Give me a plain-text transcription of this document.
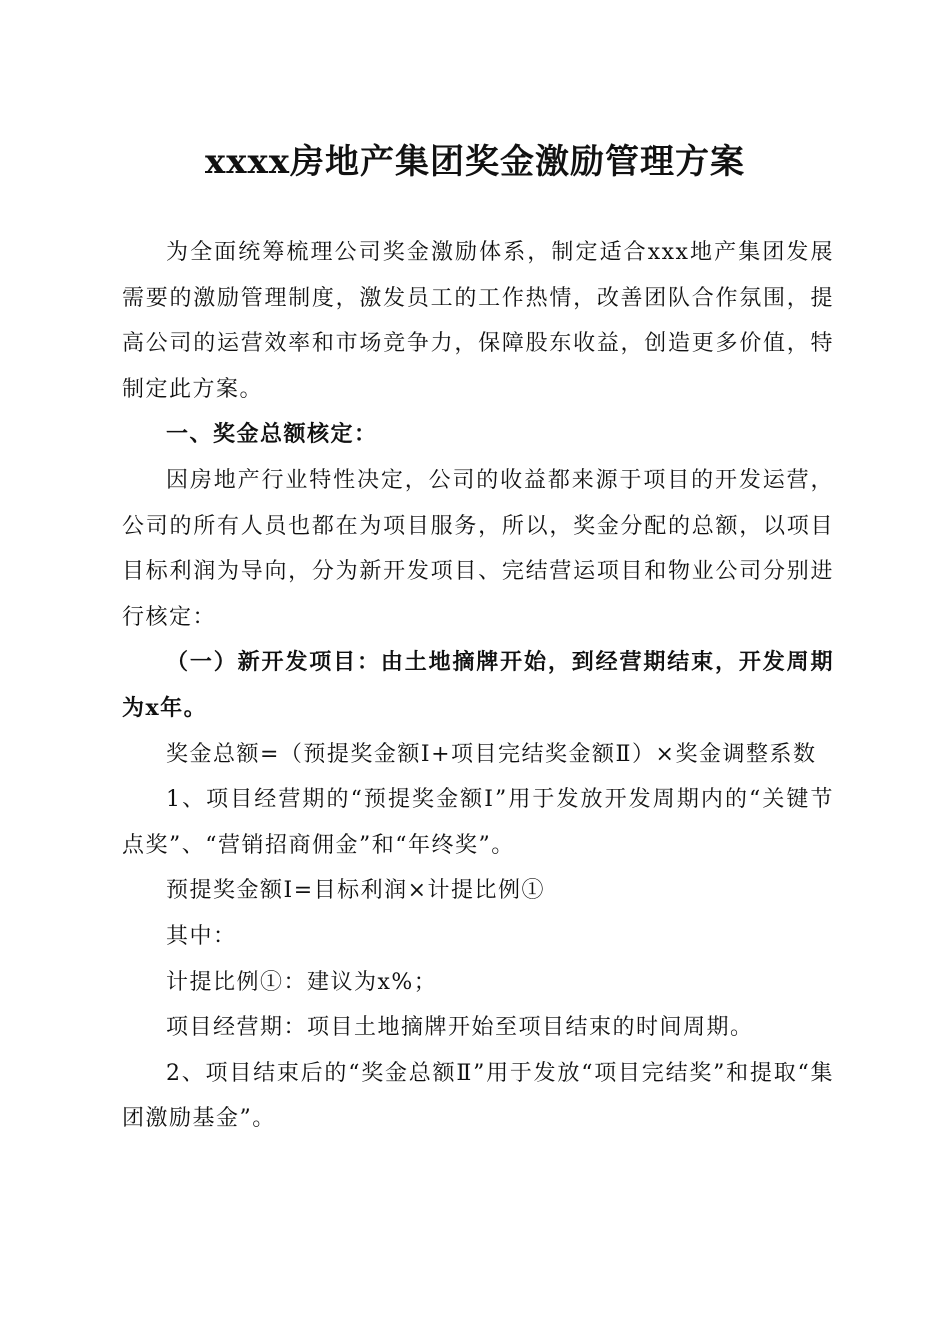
xxxx房地产集团奖金激励管理方案

为全面统筹梳理公司奖金激励体系，制定适合xxx地产集团发展需要的激励管理制度，激发员工的工作热情，改善团队合作氛围，提高公司的运营效率和市场竞争力，保障股东收益，创造更多价值，特制定此方案。

一、奖金总额核定：

因房地产行业特性决定，公司的收益都来源于项目的开发运营，公司的所有人员也都在为项目服务，所以，奖金分配的总额，以项目目标利润为导向，分为新开发项目、完结营运项目和物业公司分别进行核定：

（一）新开发项目：由土地摘牌开始，到经营期结束，开发周期为x年。

奖金总额=（预提奖金额Ⅰ+项目完结奖金额Ⅱ）×奖金调整系数

1、项目经营期的“预提奖金额Ⅰ”用于发放开发周期内的“关键节点奖”、“营销招商佣金”和“年终奖”。

预提奖金额Ⅰ=目标利润×计提比例①

其中：

计提比例①：建议为x%；

项目经营期：项目土地摘牌开始至项目结束的时间周期。

2、项目结束后的“奖金总额Ⅱ”用于发放“项目完结奖”和提取“集团激励基金”。
